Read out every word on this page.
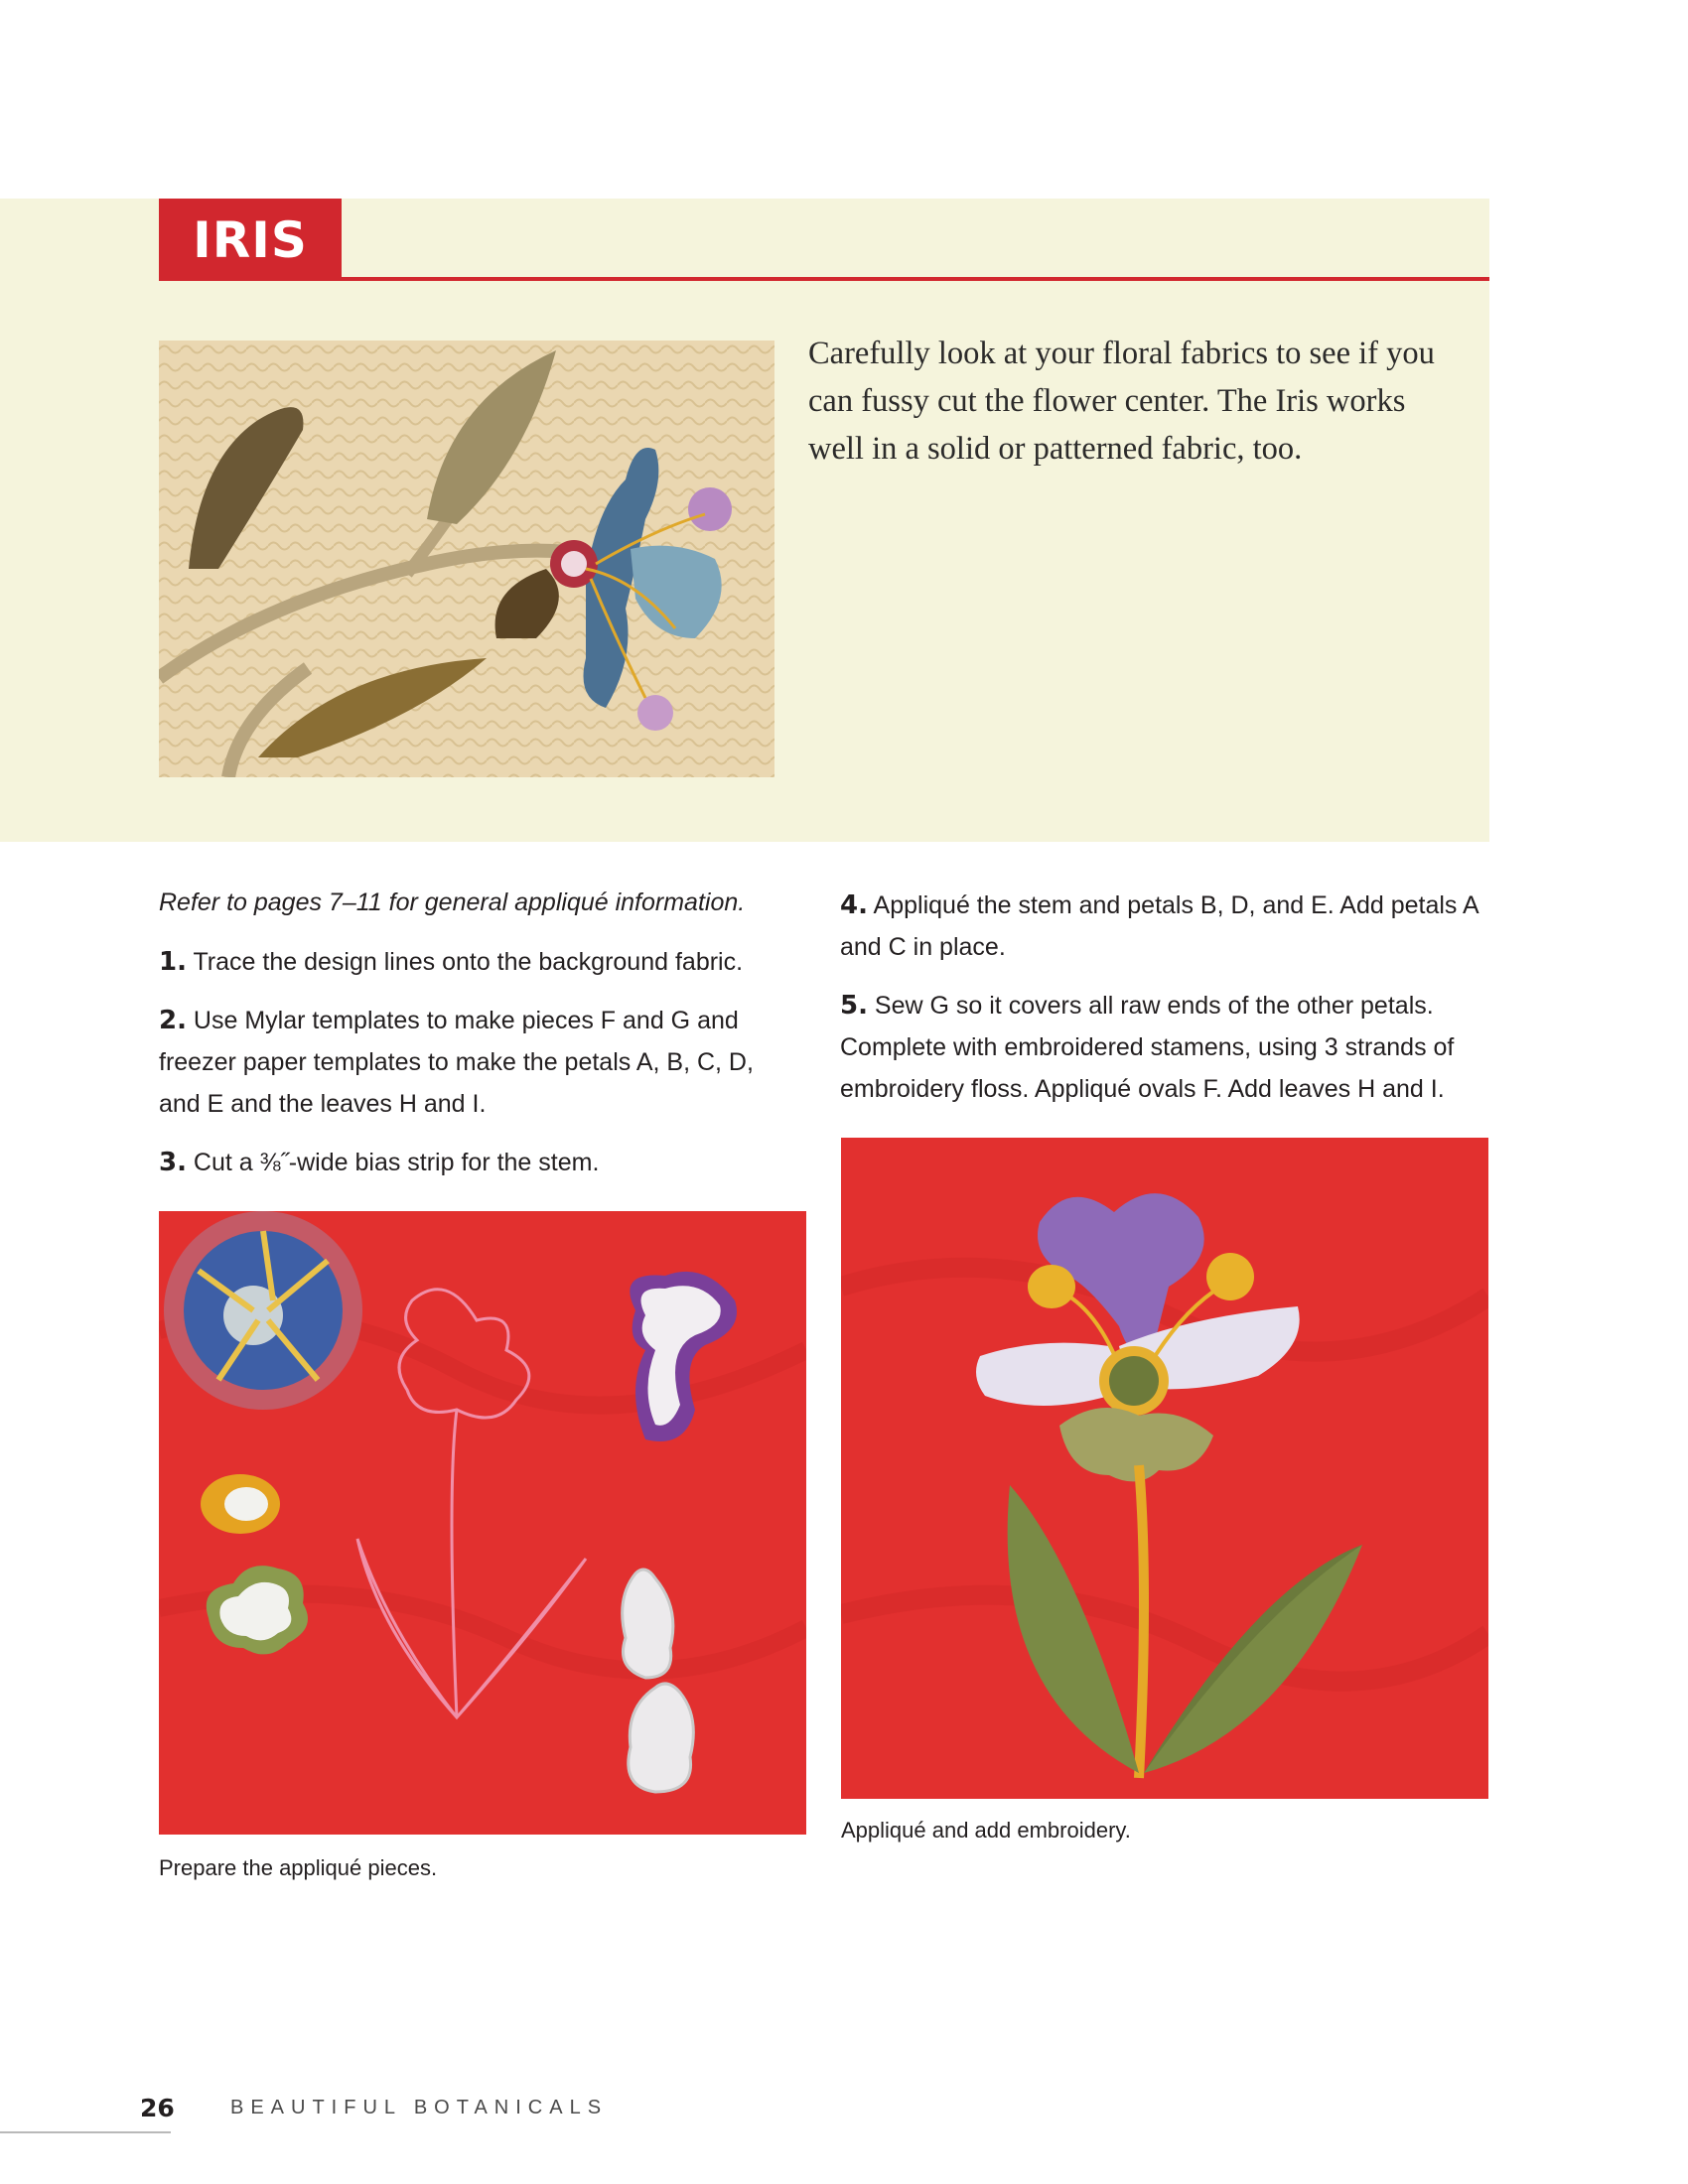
IRIS
Carefully look at your floral fabrics to see if you can fussy cut the flower center. The Iris works well in a solid or patterned fabric, too.

Refer to pages 7–11 for general appliqué information.

1. Trace the design lines onto the background fabric.

2. Use Mylar templates to make pieces F and G and freezer paper templates to make the petals A, B, C, D, and E and the leaves H and I.

3. Cut a ⅜˝-wide bias strip for the stem.

4. Appliqué the stem and petals B, D, and E. Add petals A and C in place.

5. Sew G so it covers all raw ends of the other petals. Complete with embroidered stamens, using 3 strands of embroidery floss. Appliqué ovals F. Add leaves H and I.

Prepare the appliqué pieces.
Appliqué and add embroidery.
26	BEAUTIFUL BOTANICALS
